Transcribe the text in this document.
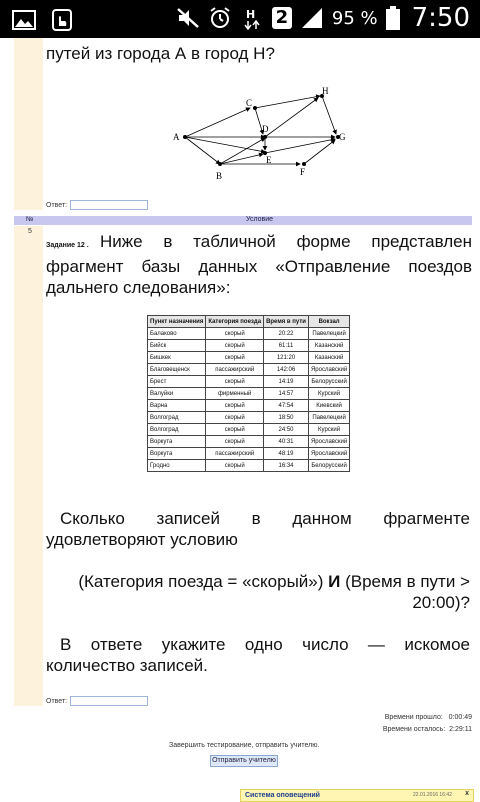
H 2 95 % 7:50
путей из города А в город Н?
A
B
C
D
E
F
G
H
Ответ:
№	Условие
5
Задание 12 . Ниже в табличной форме представлен фрагмент базы данных «Отправление поездов дальнего следования»:
Пункт назначения	Категория поезда	Время в пути	Вокзал
Балаково	скорый	20:22	Павелецкий
Бийск	скорый	61:11	Казанский
Бишкек	скорый	121:20	Казанский
Благовещенск	пассажирский	142:06	Ярославский
Брест	скорый	14:19	Белорусский
Валуйки	фирменный	14:57	Курский
Варна	скорый	47:54	Киевский
Волгоград	скорый	18:50	Павелецкий
Волгоград	скорый	24:50	Курский
Воркута	скорый	40:31	Ярославский
Воркута	пассажирский	48:19	Ярославский
Гродно	скорый	16:34	Белорусский
Сколько записей в данном фрагменте удовлетворяют условию
(Категория поезда = «скорый») И (Время в пути > 20:00)?
В ответе укажите одно число — искомое количество записей.
Ответ:
Времени прошло: 0:00:49
Времени осталось: 2:29:11
Завершить тестирование, отправить учителю.
Отправить учителю
Система оповещений	22.01.2016 16:42 x
